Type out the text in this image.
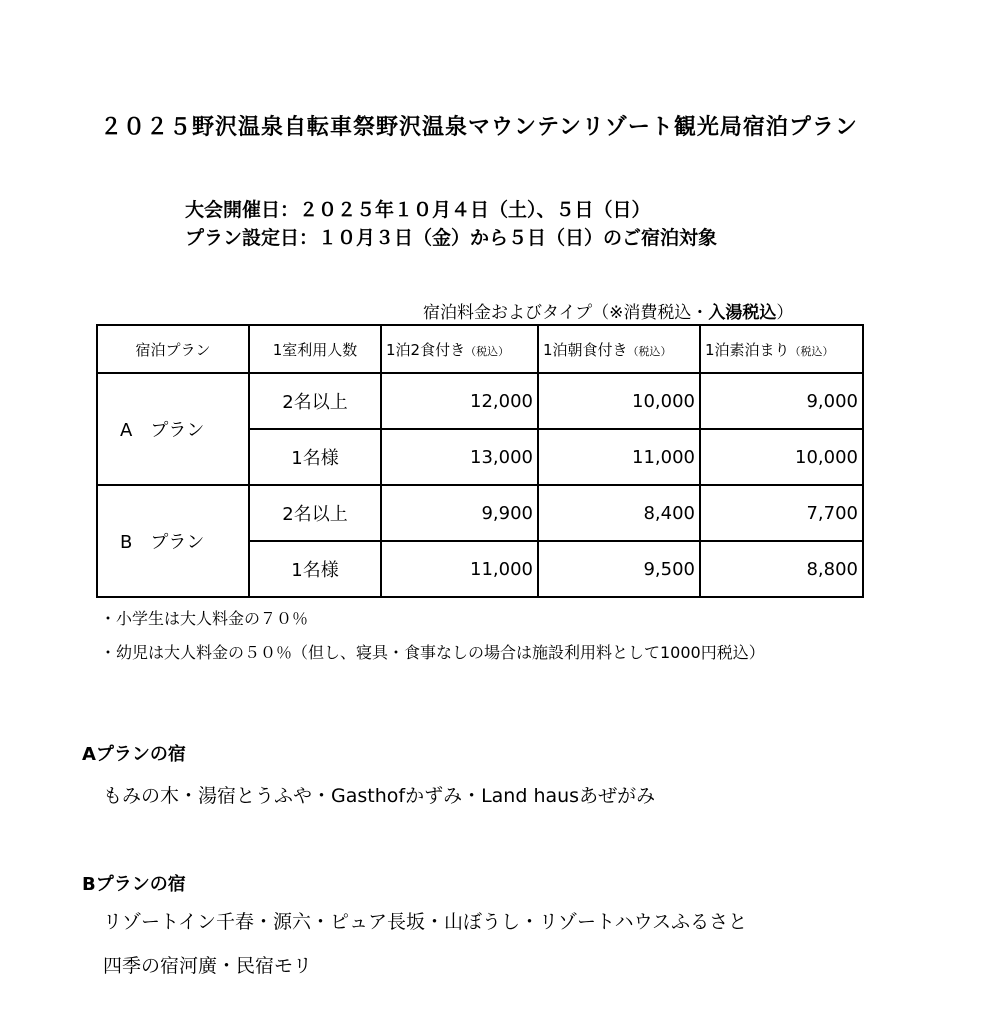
２０２５野沢温泉自転車祭野沢温泉マウンテンリゾート観光局宿泊プラン
大会開催日：２０２５年１０月４日（土）、５日（日）
プラン設定日：１０月３日（金）から５日（日）のご宿泊対象
宿泊料金およびタイプ（※消費税込・入湯税込）
宿泊プラン	1室利用人数	1泊2食付き（税込）	1泊朝食付き（税込）	1泊素泊まり（税込）
A　プラン	2名以上	12,000	10,000	9,000
	1名様	13,000	11,000	10,000
B　プラン	2名以上	9,900	8,400	7,700
	1名様	11,000	9,500	8,800
・小学生は大人料金の７０％
・幼児は大人料金の５０％（但し、寝具・食事なしの場合は施設利用料として1000円税込）
Aプランの宿
もみの木・湯宿とうふや・Gasthofかずみ・Land hausあぜがみ
Bプランの宿
リゾートイン千春・源六・ピュア長坂・山ぼうし・リゾートハウスふるさと
四季の宿河廣・民宿モリ
